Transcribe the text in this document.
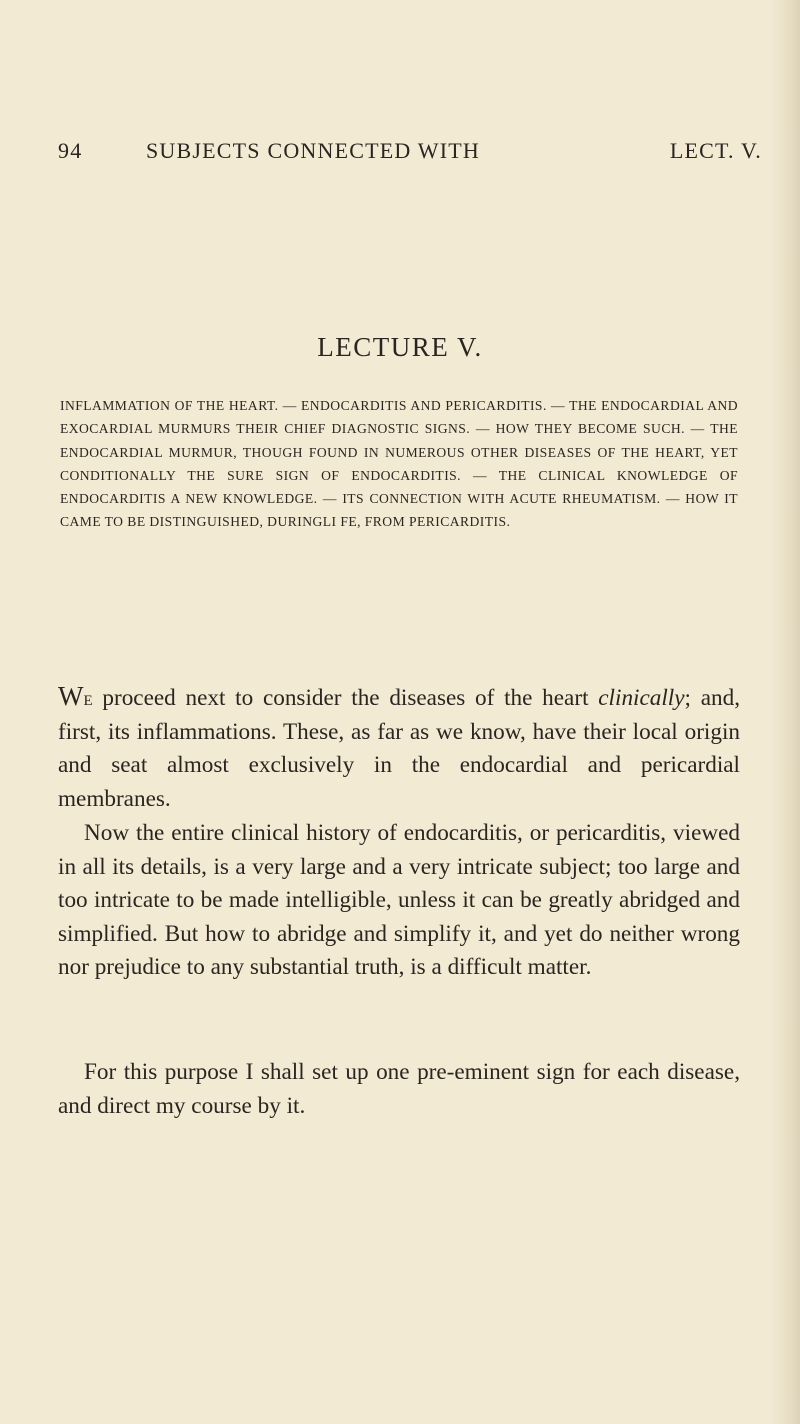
94	SUBJECTS CONNECTED WITH	LECT. V.
LECTURE V.

INFLAMMATION OF THE HEART. — ENDOCARDITIS AND PERICARDITIS. — THE ENDOCARDIAL AND EXOCARDIAL MURMURS THEIR CHIEF DIAGNOSTIC SIGNS. — HOW THEY BECOME SUCH. — THE ENDOCARDIAL MURMUR, THOUGH FOUND IN NUMEROUS OTHER DISEASES OF THE HEART, YET CONDITIONALLY THE SURE SIGN OF ENDOCARDITIS. — THE CLINICAL KNOWLEDGE OF ENDOCARDITIS A NEW KNOWLEDGE. — ITS CONNECTION WITH ACUTE RHEUMATISM. — HOW IT CAME TO BE DISTINGUISHED, DURINGLI FE, FROM PERICARDITIS.

We proceed next to consider the diseases of the heart clinically; and, first, its inflammations. These, as far as we know, have their local origin and seat almost exclusively in the endocardial and pericardial membranes.

Now the entire clinical history of endocarditis, or pericarditis, viewed in all its details, is a very large and a very intricate subject; too large and too intricate to be made intelligible, unless it can be greatly abridged and simplified. But how to abridge and simplify it, and yet do neither wrong nor prejudice to any substantial truth, is a difficult matter.

For this purpose I shall set up one pre-eminent sign for each disease, and direct my course by it.
